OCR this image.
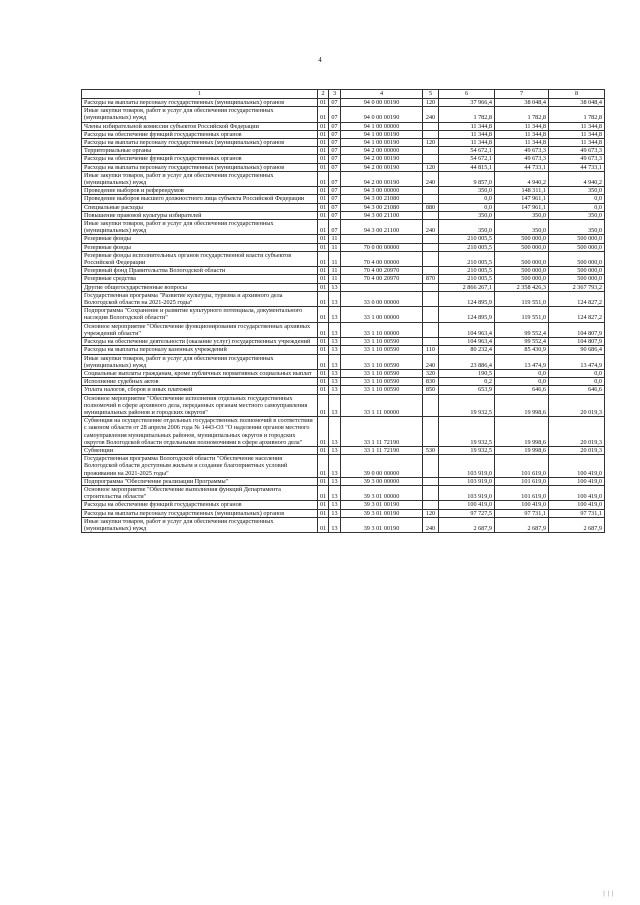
4
1	2	3	4	5	6	7	8
Расходы на выплаты персоналу государственных (муниципальных) органов	01	07	94 0 00 00190	120	37 966,4	38 048,4	38 048,4
Иные закупки товаров, работ и услуг для обеспечения государственных (муниципальных) нужд	01	07	94 0 00 00190	240	1 782,8	1 782,8	1 782,8
Члены избирательной комиссии субъектов Российской Федерации	01	07	94 1 00 00000		11 344,8	11 344,8	11 344,8
Расходы на обеспечение функций государственных органов	01	07	94 1 00 00190		11 344,8	11 344,8	11 344,8
Расходы на выплаты персоналу государственных (муниципальных) органов	01	07	94 1 00 00190	120	11 344,8	11 344,8	11 344,8
Территориальные органы	01	07	94 2 00 00000		54 672,1	49 673,3	49 673,3
Расходы на обеспечение функций государственных органов	01	07	94 2 00 00190		54 672,1	49 673,3	49 673,3
Расходы на выплаты персоналу государственных (муниципальных) органов	01	07	94 2 00 00190	120	44 815,1	44 733,1	44 733,1
Иные закупки товаров, работ и услуг для обеспечения государственных (муниципальных) нужд	01	07	94 2 00 00190	240	9 857,0	4 940,2	4 940,2
Проведение выборов и референдумов	01	07	94 3 00 00000		350,0	148 311,1	350,0
Проведение выборов высшего должностного лица субъекта Российской Федерации	01	07	94 3 00 21080		0,0	147 961,1	0,0
Специальные расходы	01	07	94 3 00 21080	880	0,0	147 961,1	0,0
Повышение правовой культуры избирателей	01	07	94 3 00 21100		350,0	350,0	350,0
Иные закупки товаров, работ и услуг для обеспечения государственных (муниципальных) нужд	01	07	94 3 00 21100	240	350,0	350,0	350,0
Резервные фонды	01	11			210 005,5	500 000,0	500 000,0
Резервные фонды	01	11	70 0 00 00000		210 005,5	500 000,0	500 000,0
Резервные фонды исполнительных органов государственной власти субъектов Российской Федерации	01	11	70 4 00 00000		210 005,5	500 000,0	500 000,0
Резервный фонд Правительства Вологодской области	01	11	70 4 00 20970		210 005,5	500 000,0	500 000,0
Резервные средства	01	11	70 4 00 20970	870	210 005,5	500 000,0	500 000,0
Другие общегосударственные вопросы	01	13			2 866 267,1	2 358 426,3	2 367 793,2
Государственная программа "Развитие культуры, туризма и архивного дела Вологодской области на 2021-2025 годы"	01	13	33 0 00 00000		124 895,9	119 551,0	124 827,2
Подпрограмма "Сохранение и развитие культурного потенциала, документального наследия Вологодской области"	01	13	33 1 00 00000		124 895,9	119 551,0	124 827,2
Основное мероприятие "Обеспечение функционирования государственных архивных учреждений области"	01	13	33 1 10 00000		104 963,4	99 552,4	104 807,9
Расходы на обеспечение деятельности (оказание услуг) государственных учреждений	01	13	33 1 10 00590		104 963,4	99 552,4	104 807,9
Расходы на выплаты персоналу казенных учреждений	01	13	33 1 10 00590	110	80 232,4	85 430,9	90 686,4
Иные закупки товаров, работ и услуг для обеспечения государственных (муниципальных) нужд	01	13	33 1 10 00590	240	23 886,4	13 474,9	13 474,9
Социальные выплаты гражданам, кроме публичных нормативных социальных выплат	01	13	33 1 10 00590	320	190,5	0,0	0,0
Исполнение судебных актов	01	13	33 1 10 00590	830	0,2	0,0	0,0
Уплата налогов, сборов и иных платежей	01	13	33 1 10 00590	850	653,9	646,6	646,6
Основное мероприятие "Обеспечение исполнения отдельных государственных полномочий в сфере архивного дела, переданных органам местного самоуправления муниципальных районов и городских округов"	01	13	33 1 11 00000		19 932,5	19 998,6	20 019,3
Субвенция на осуществление отдельных государственных полномочий в соответствии с законом области от 28 апреля 2006 года № 1443-ОЗ "О наделении органов местного самоуправления муниципальных районов, муниципальных округов и городских округов Вологодской области отдельными полномочиями в сфере архивного дела"	01	13	33 1 11 72190		19 932,5	19 998,6	20 019,3
Субвенции	01	13	33 1 11 72190	530	19 932,5	19 998,6	20 019,3
Государственная программа Вологодской области "Обеспечение населения Вологодской области доступным жильем и создание благоприятных условий проживания на 2021-2025 годы"	01	13	39 0 00 00000		103 919,0	101 619,0	100 419,0
Подпрограмма "Обеспечение реализации Программы"	01	13	39 3 00 00000		103 919,0	101 619,0	100 419,0
Основное мероприятие "Обеспечение выполнения функций Департамента строительства области"	01	13	39 3 01 00000		103 919,0	101 619,0	100 419,0
Расходы на обеспечение функций государственных органов	01	13	39 3 01 00190		100 419,0	100 419,0	100 419,0
Расходы на выплаты персоналу государственных (муниципальных) органов	01	13	39 3 01 00190	120	97 727,5	97 731,1	97 731,1
Иные закупки товаров, работ и услуг для обеспечения государственных (муниципальных) нужд	01	13	39 3 01 00190	240	2 687,9	2 687,9	2 687,9
|||
